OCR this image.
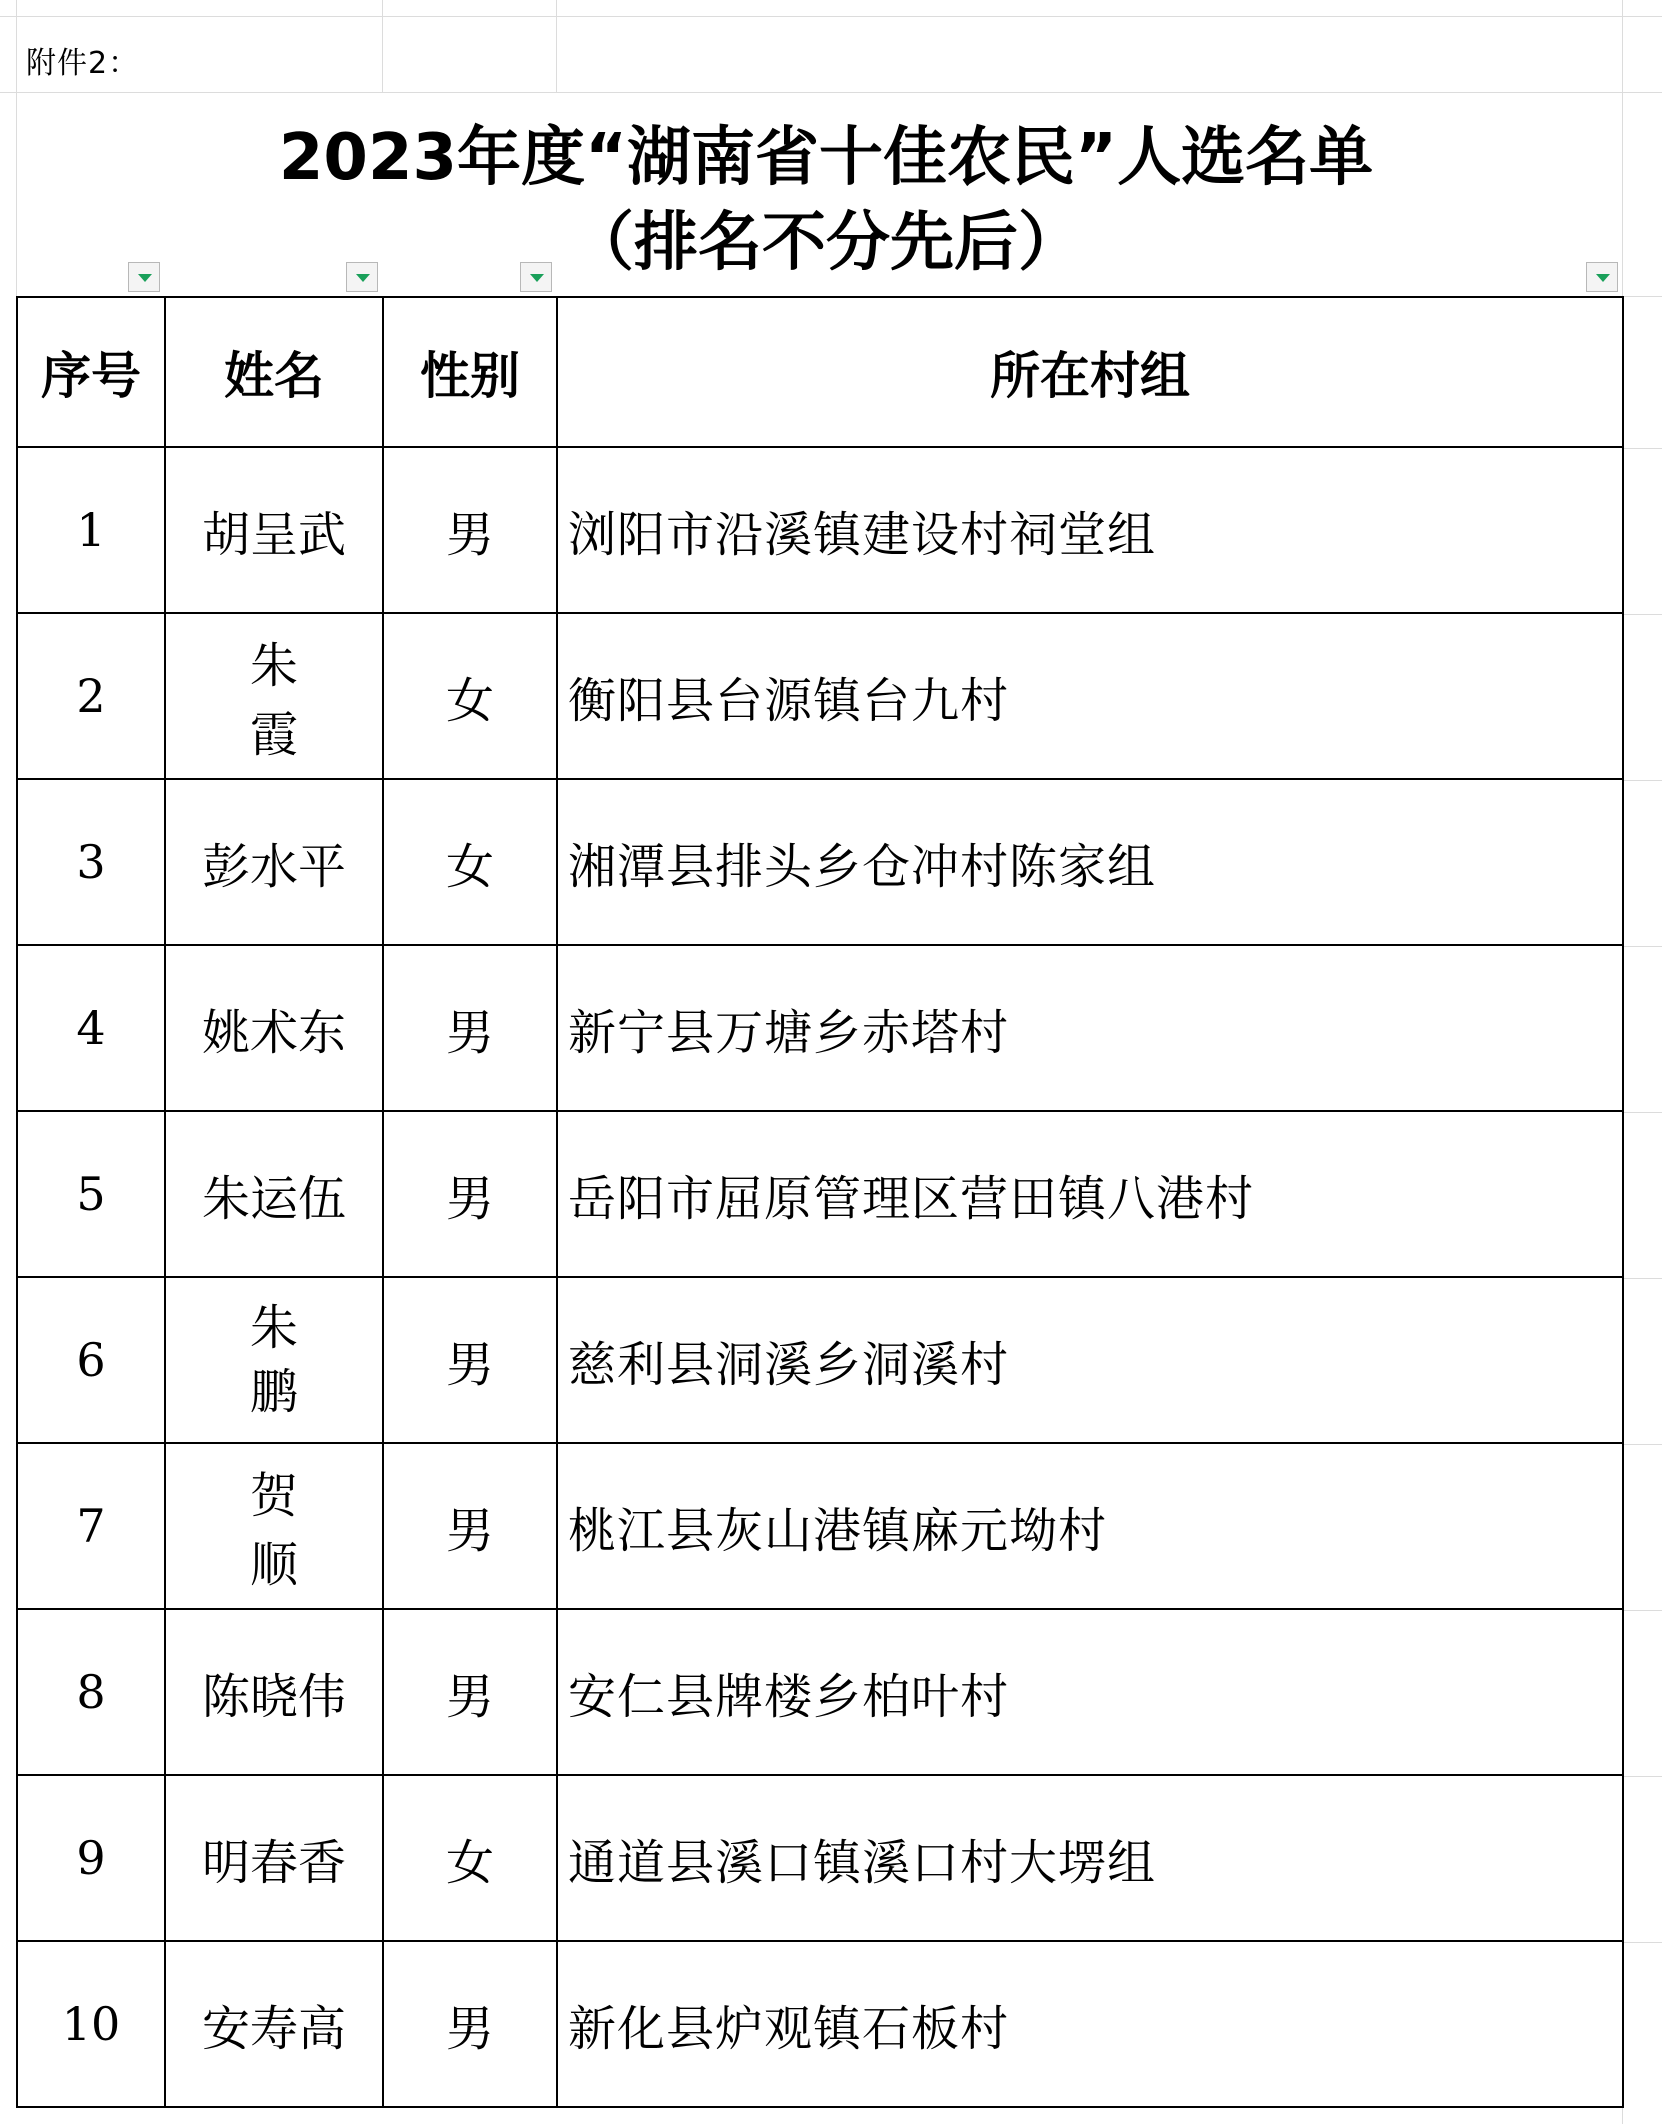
附件2：
2023年度“湖南省十佳农民”人选名单
（排名不分先后）
序号	姓名	性别	所在村组
1	胡呈武	男	浏阳市沿溪镇建设村祠堂组
2	朱　　霞	女	衡阳县台源镇台九村
3	彭水平	女	湘潭县排头乡仓冲村陈家组
4	姚术东	男	新宁县万塘乡赤塔村
5	朱运伍	男	岳阳市屈原管理区营田镇八港村
6	朱 鹏	男	慈利县洞溪乡洞溪村
7	贺　　顺	男	桃江县灰山港镇麻元坳村
8	陈晓伟	男	安仁县牌楼乡柏叶村
9	明春香	女	通道县溪口镇溪口村大塄组
10	安寿高	男	新化县炉观镇石板村
